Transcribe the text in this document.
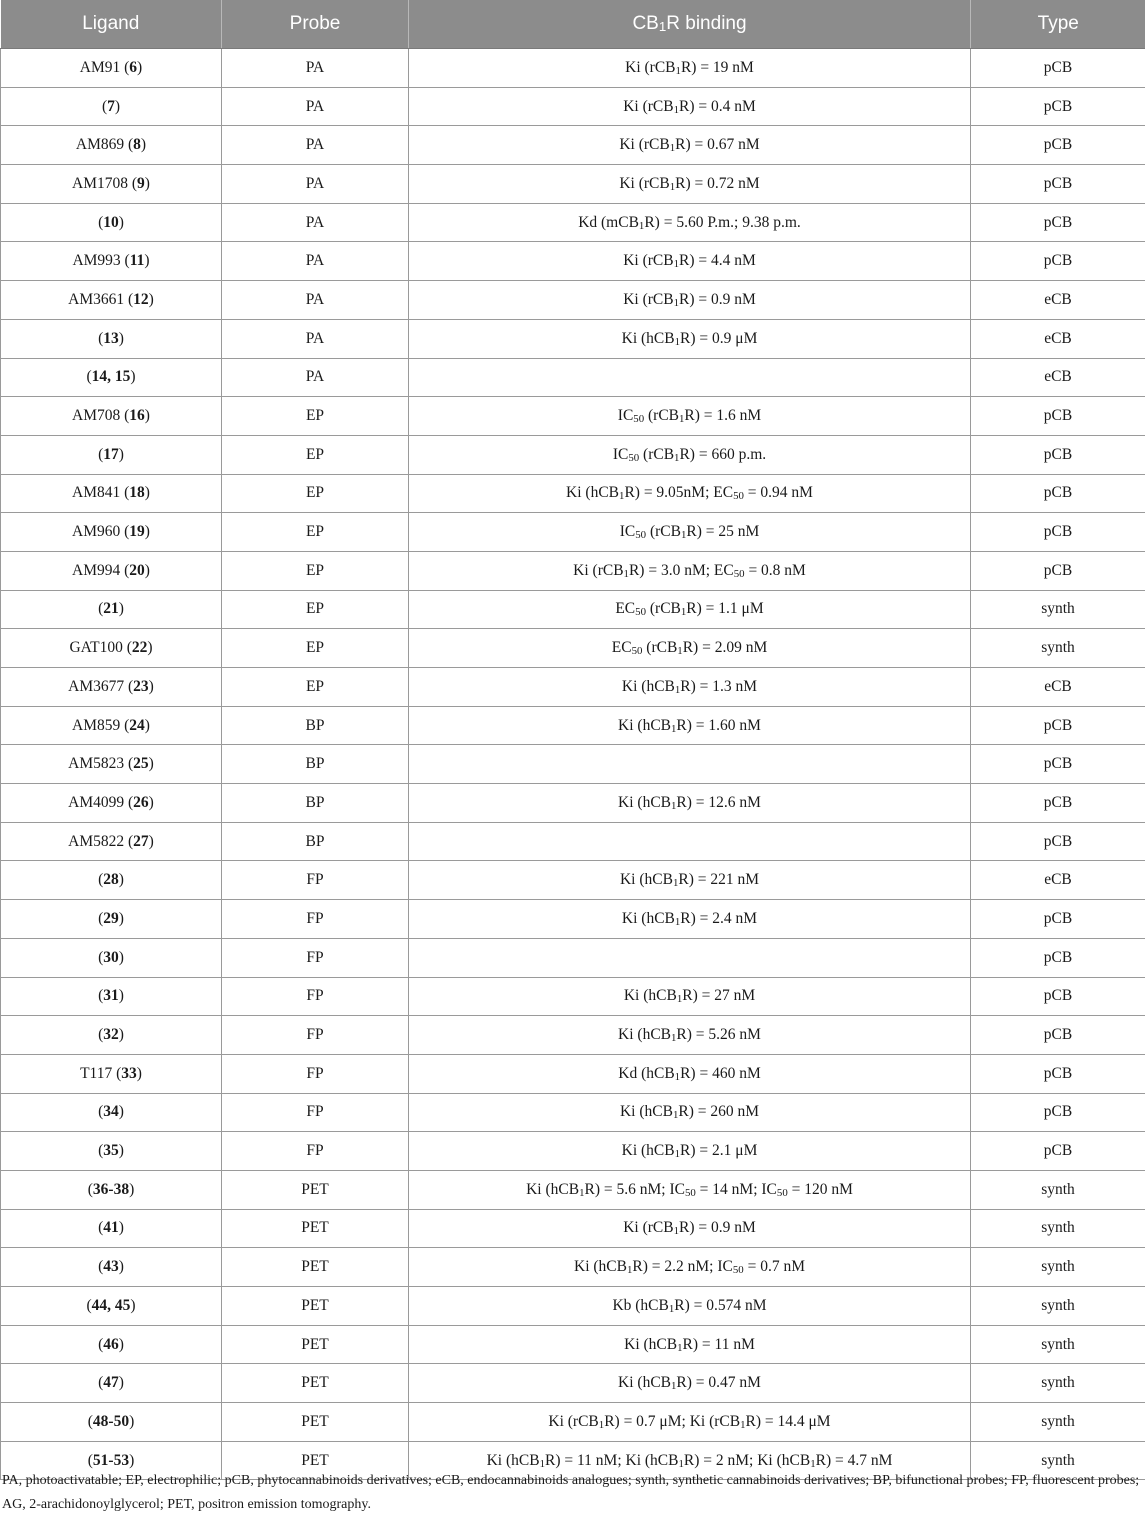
Ligand	Probe	$CB_1R$ binding	Type
AM91 (6)	PA	Ki (rCB$_1$R) = 19 nM	pCB
(7)	PA	Ki (rCB$_1$R) = 0.4 nM	pCB
AM869 (8)	PA	Ki (rCB$_1$R) = 0.67 nM	pCB
AM1708 (9)	PA	Ki (rCB$_1$R) = 0.72 nM	pCB
(10)	PA	Kd (mCB$_1$R) = 5.60 P.m.; 9.38 p.m.	pCB
AM993 (11)	PA	Ki (rCB$_1$R) = 4.4 nM	pCB
AM3661 (12)	PA	Ki (rCB$_1$R) = 0.9 nM	eCB
(13)	PA	Ki (hCB$_1$R) = 0.9 μM	eCB
(14, 15)	PA		eCB
AM708 (16)	EP	$IC_{50}$ (rCB$_1$R) = 1.6 nM	pCB
(17)	EP	$IC_{50}$ (rCB$_1$R) = 660 p.m.	pCB
AM841 (18)	EP	Ki (hCB$_1$R) = 9.05nM; $EC_{50} = 0.94$ nM	pCB
AM960 (19)	EP	$IC_{50}$ (rCB$_1$R) = 25 nM	pCB
AM994 (20)	EP	Ki (rCB$_1$R) = 3.0 nM; $EC_{50} = 0.8$ nM	pCB
(21)	EP	$EC_{50}$ (rCB$_1$R) = 1.1 μM	synth
GAT100 (22)	EP	$EC_{50}$ (rCB$_1$R) = 2.09 nM	synth
AM3677 (23)	EP	Ki (hCB$_1$R) = 1.3 nM	eCB
AM859 (24)	BP	Ki (hCB$_1$R) = 1.60 nM	pCB
AM5823 (25)	BP		pCB
AM4099 (26)	BP	Ki (hCB$_1$R) = 12.6 nM	pCB
AM5822 (27)	BP		pCB
(28)	FP	Ki (hCB$_1$R) = 221 nM	eCB
(29)	FP	Ki (hCB$_1$R) = 2.4 nM	pCB
(30)	FP		pCB
(31)	FP	Ki (hCB$_1$R) = 27 nM	pCB
(32)	FP	Ki (hCB$_1$R) = 5.26 nM	pCB
T117 (33)	FP	Kd (hCB$_1$R) = 460 nM	pCB
(34)	FP	Ki (hCB$_1$R) = 260 nM	pCB
(35)	FP	Ki (hCB$_1$R) = 2.1 μM	pCB
(36-38)	PET	Ki (hCB$_1$R) = 5.6 nM; $IC_{50} = 14$ nM; $IC_{50} = 120$ nM	synth
(41)	PET	Ki (rCB$_1$R) = 0.9 nM	synth
(43)	PET	Ki (hCB$_1$R) = 2.2 nM; $IC_{50} = 0.7$ nM	synth
(44, 45)	PET	Kb (hCB$_1$R) = 0.574 nM	synth
(46)	PET	Ki (hCB$_1$R) = 11 nM	synth
(47)	PET	Ki (hCB$_1$R) = 0.47 nM	synth
(48-50)	PET	Ki (rCB$_1$R) = 0.7 μM; Ki (rCB$_1$R) = 14.4 μM	synth
(51-53)	PET	Ki (hCB$_1$R) = 11 nM; Ki (hCB$_1$R) = 2 nM; Ki (hCB$_1$R) = 4.7 nM	synth
PA, photoactivatable; EP, electrophilic; pCB, phytocannabinoids derivatives; eCB, endocannabinoids analogues; synth, synthetic cannabinoids derivatives; BP, bifunctional probes; FP, fluorescent probes; AG, 2-arachidonoylglycerol; PET, positron emission tomography.
